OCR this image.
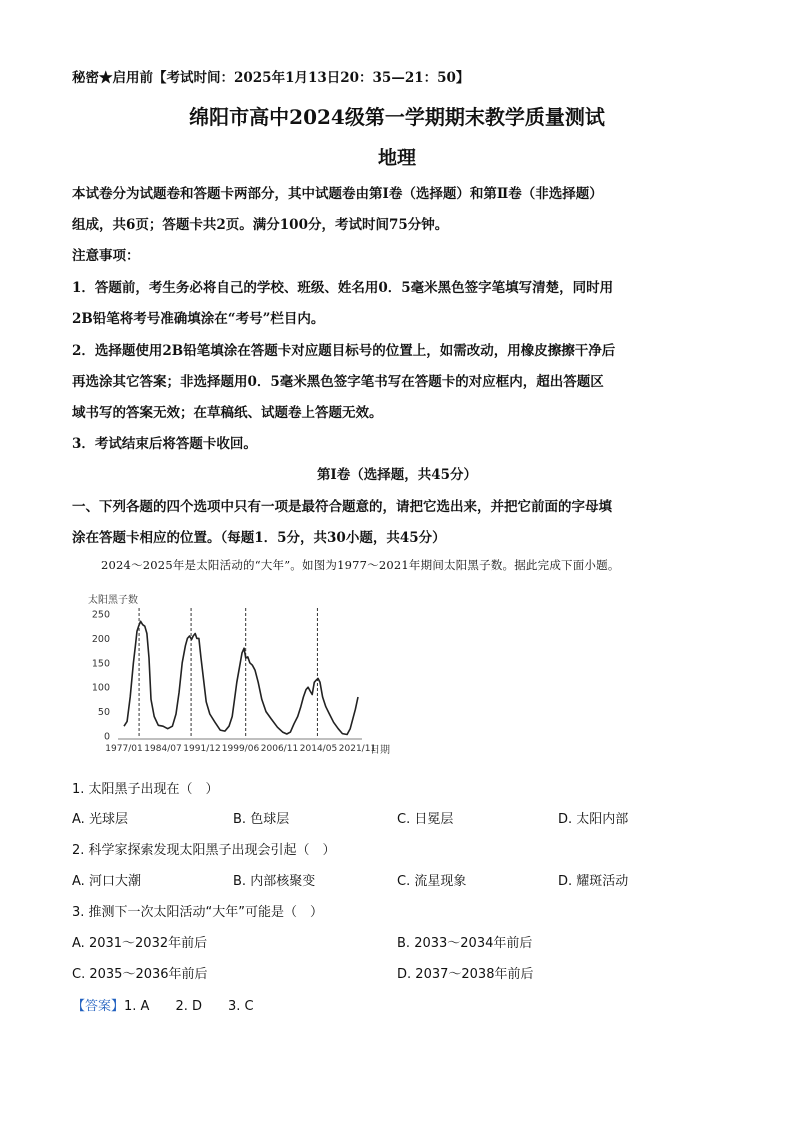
秘密★启用前【考试时间：2025年1月13日20：35—21：50】
绵阳市高中2024级第一学期期末教学质量测试
地理
本试卷分为试题卷和答题卡两部分，其中试题卷由第Ⅰ卷（选择题）和第Ⅱ卷（非选择题）
组成，共6页；答题卡共2页。满分100分，考试时间75分钟。
注意事项：
1．答题前，考生务必将自己的学校、班级、姓名用0．5毫米黑色签字笔填写清楚，同时用
2B铅笔将考号准确填涂在“考号”栏目内。
2．选择题使用2B铅笔填涂在答题卡对应题目标号的位置上，如需改动，用橡皮擦擦干净后
再选涂其它答案；非选择题用0．5毫米黑色签字笔书写在答题卡的对应框内，超出答题区
域书写的答案无效；在草稿纸、试题卷上答题无效。
3．考试结束后将答题卡收回。
第Ⅰ卷（选择题，共45分）
一、下列各题的四个选项中只有一项是最符合题意的，请把它选出来，并把它前面的字母填
涂在答题卡相应的位置。（每题1．5分，共30小题，共45分）
2024～2025年是太阳活动的“大年”。如图为1977～2021年期间太阳黑子数。据此完成下面小题。
太阳黑子数
250
200
150
100
50
0
1977/01 1984/07 1991/12 1999/06 2006/11 2014/05 2021/11
日期
1. 太阳黑子出现在（　）
A. 光球层	B. 色球层	C. 日冕层	D. 太阳内部
2. 科学家探索发现太阳黑子出现会引起（　）
A. 河口大潮	B. 内部核聚变	C. 流星现象	D. 耀斑活动
3. 推测下一次太阳活动“大年”可能是（　）
A. 2031～2032年前后	B. 2033～2034年前后
C. 2035～2036年前后	D. 2037～2038年前后
【答案】1. A　　2. D　　3. C
